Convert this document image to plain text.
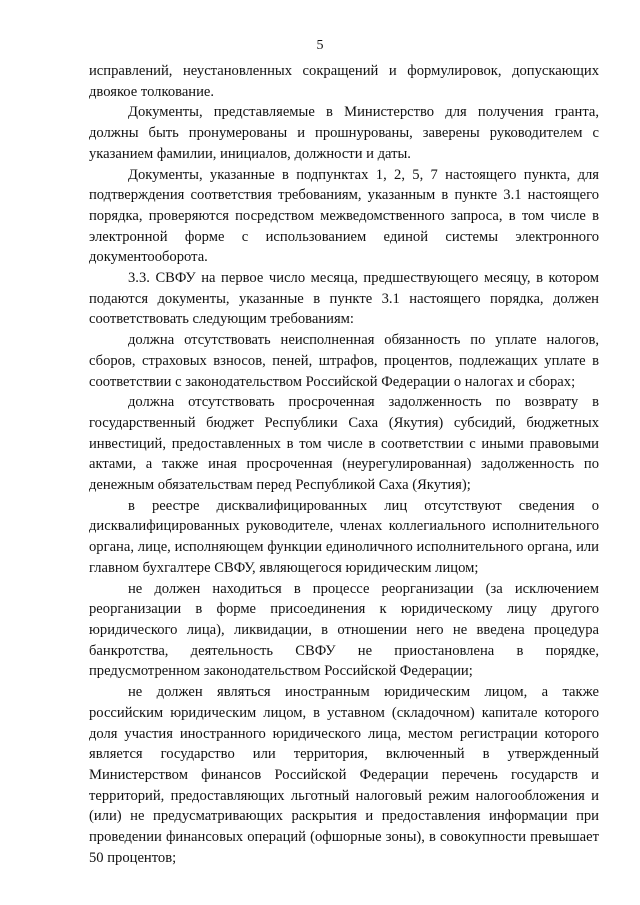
5

исправлений, неустановленных сокращений и формулировок, допускающих двоякое толкование.

Документы, представляемые в Министерство для получения гранта, должны быть пронумерованы и прошнурованы, заверены руководителем с указанием фамилии, инициалов, должности и даты.

Документы, указанные в подпунктах 1, 2, 5, 7 настоящего пункта, для подтверждения соответствия требованиям, указанным в пункте 3.1 настоящего порядка, проверяются посредством межведомственного запроса, в том числе в электронной форме с использованием единой системы электронного документооборота.

3.3. СВФУ на первое число месяца, предшествующего месяцу, в котором подаются документы, указанные в пункте 3.1 настоящего порядка, должен соответствовать следующим требованиям:

должна отсутствовать неисполненная обязанность по уплате налогов, сборов, страховых взносов, пеней, штрафов, процентов, подлежащих уплате в соответствии с законодательством Российской Федерации о налогах и сборах;

должна отсутствовать просроченная задолженность по возврату в государственный бюджет Республики Саха (Якутия) субсидий, бюджетных инвестиций, предоставленных в том числе в соответствии с иными правовыми актами, а также иная просроченная (неурегулированная) задолженность по денежным обязательствам перед Республикой Саха (Якутия);

в реестре дисквалифицированных лиц отсутствуют сведения о дисквалифицированных руководителе, членах коллегиального исполнительного органа, лице, исполняющем функции единоличного исполнительного органа, или главном бухгалтере СВФУ, являющегося юридическим лицом;

не должен находиться в процессе реорганизации (за исключением реорганизации в форме присоединения к юридическому лицу другого юридического лица), ликвидации, в отношении него не введена процедура банкротства, деятельность СВФУ не приостановлена в порядке, предусмотренном законодательством Российской Федерации;

не должен являться иностранным юридическим лицом, а также российским юридическим лицом, в уставном (складочном) капитале которого доля участия иностранного юридического лица, местом регистрации которого является государство или территория, включенный в утвержденный Министерством финансов Российской Федерации перечень государств и территорий, предоставляющих льготный налоговый режим налогообложения и (или) не предусматривающих раскрытия и предоставления информации при проведении финансовых операций (офшорные зоны), в совокупности превышает 50 процентов;
